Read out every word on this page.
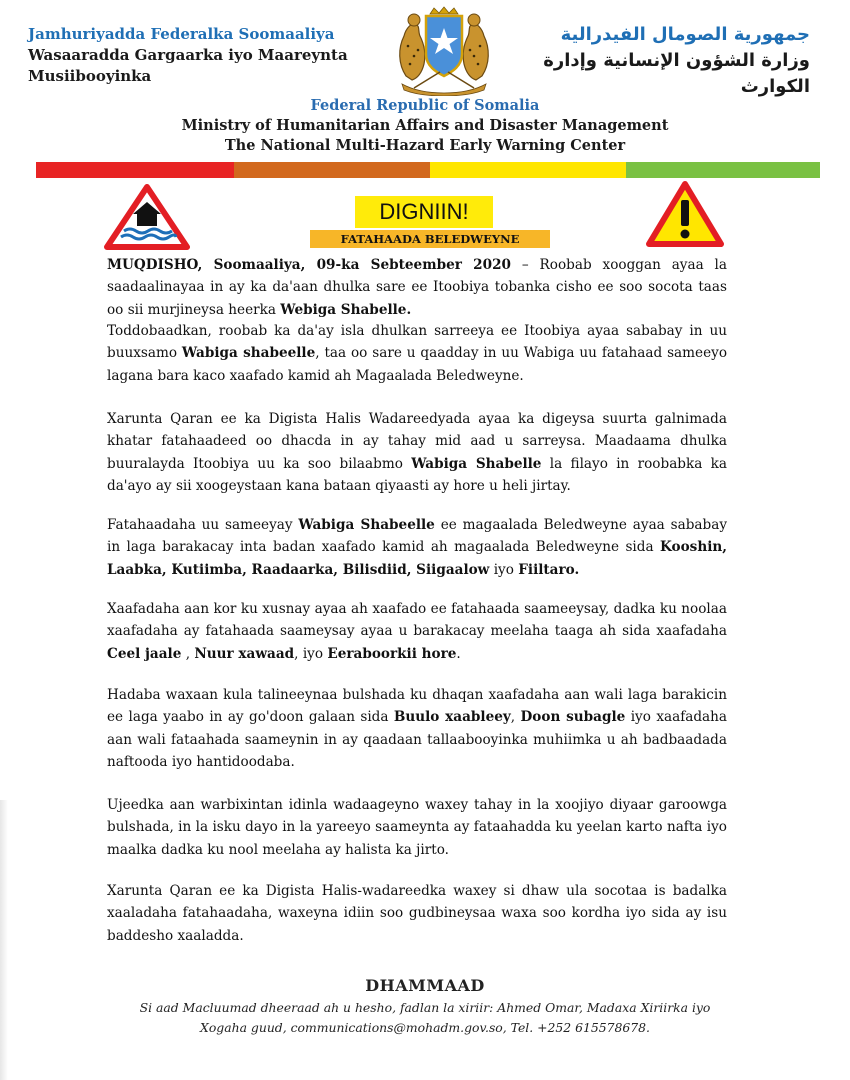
Jamhuriyadda Federalka Soomaaliya
Wasaaradda Gargaarka iyo Maareynta
Musiibooyinka
جمهورية الصومال الفيدرالية
وزارة الشؤون الإنسانية وإدارة الكوارث
Federal Republic of Somalia
Ministry of Humanitarian Affairs and Disaster Management
The National Multi-Hazard Early Warning Center
DIGNIIN!
FATAHAADA BELEDWEYNE

MUQDISHO, Soomaaliya, 09-ka Sebteember 2020 – Roobab xooggan ayaa la saadaalinayaa in ay ka da'aan dhulka sare ee Itoobiya tobanka cisho ee soo socota taas oo sii murjineysa heerka Webiga Shabelle.

Toddobaadkan, roobab ka da'ay isla dhulkan sarreeya ee Itoobiya ayaa sababay in uu buuxsamo Wabiga shabeelle, taa oo sare u qaadday in uu Wabiga uu fatahaad sameeyo lagana bara kaco xaafado kamid ah Magaalada Beledweyne.

Xarunta Qaran ee ka Digista Halis Wadareedyada ayaa ka digeysa suurta galnimada khatar fatahaadeed oo dhacda in ay tahay mid aad u sarreysa. Maadaama dhulka buuralayda Itoobiya uu ka soo bilaabmo Wabiga Shabelle la filayo in roobabka ka da'ayo ay sii xoogeystaan kana bataan qiyaasti ay hore u heli jirtay.

Fatahaadaha uu sameeyay Wabiga Shabeelle ee magaalada Beledweyne ayaa sababay in laga barakacay inta badan xaafado kamid ah magaalada Beledweyne sida Kooshin, Laabka, Kutiimba, Raadaarka, Bilisdiid, Siigaalow iyo Fiiltaro.

Xaafadaha aan kor ku xusnay ayaa ah xaafado ee fatahaada saameeysay, dadka ku noolaa xaafadaha ay fatahaada saameysay ayaa u barakacay meelaha taaga ah sida xaafadaha Ceel jaale , Nuur xawaad, iyo Eeraboorkii hore.

Hadaba waxaan kula talineeynaa bulshada ku dhaqan xaafadaha aan wali laga barakicin ee laga yaabo in ay go'doon galaan sida Buulo xaableey, Doon subagle iyo xaafadaha aan wali fataahada saameynin in ay qaadaan tallaabooyinka muhiimka u ah badbaadada naftooda iyo hantidoodaba.

Ujeedka aan warbixintan idinla wadaageyno waxey tahay in la xoojiyo diyaar garoowga bulshada, in la isku dayo in la yareeyo saameynta ay fataahadda ku yeelan karto nafta iyo maalka dadka ku nool meelaha ay halista ka jirto.

Xarunta Qaran ee ka Digista Halis-wadareedka waxey si dhaw ula socotaa is badalka xaaladaha fatahaadaha, waxeyna idiin soo gudbineysaa waxa soo kordha iyo sida ay isu baddesho xaaladda.

DHAMMAAD
Si aad Macluumad dheeraad ah u hesho, fadlan la xiriir: Ahmed Omar, Madaxa Xiriirka iyo
Xogaha guud, communications@mohadm.gov.so, Tel. +252 615578678.
